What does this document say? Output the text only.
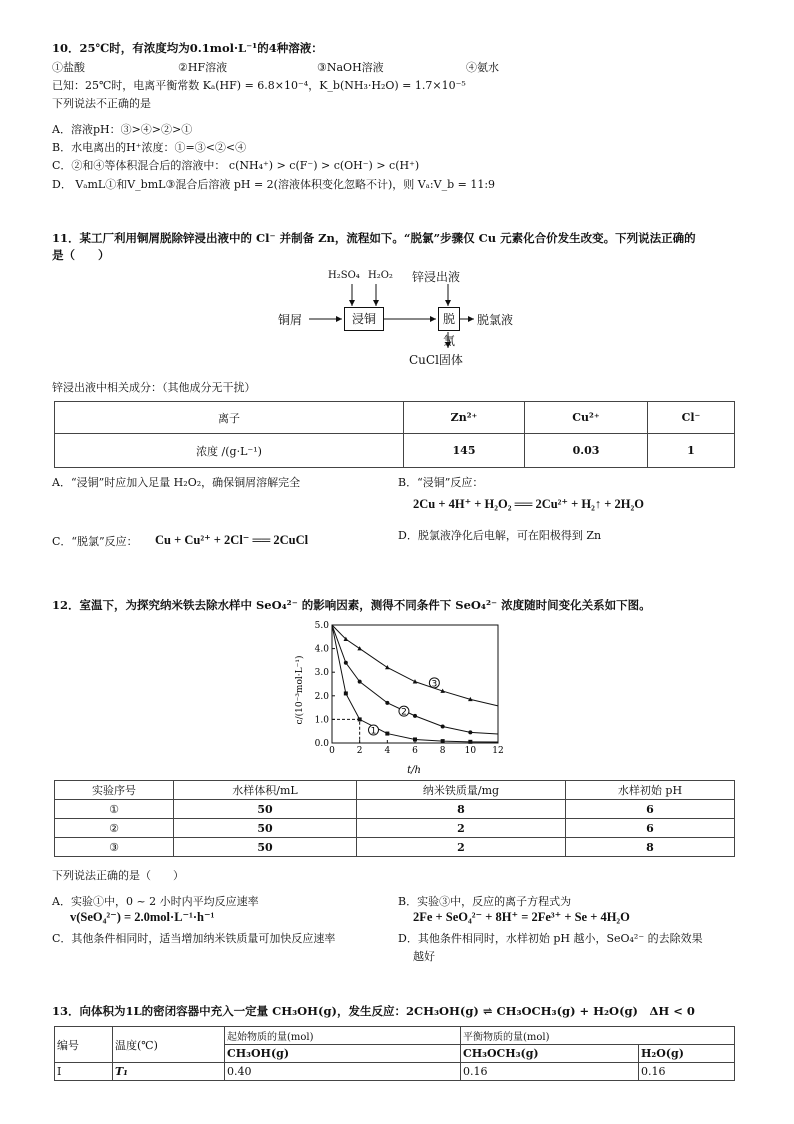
10．25℃时，有浓度均为0.1mol·L⁻¹的4种溶液：
①盐酸	②HF溶液	③NaOH溶液	④氨水
已知：25℃时，电离平衡常数 Kₐ(HF) = 6.8×10⁻⁴，K_b(NH₃·H₂O) = 1.7×10⁻⁵
下列说法不正确的是
A．溶液pH：③>④>②>①
B．水电离出的H⁺浓度：①=③<②<④
C．②和④等体积混合后的溶液中： c(NH₄⁺) > c(F⁻) > c(OH⁻) > c(H⁺)
D． VₐmL①和V_bmL③混合后溶液 pH = 2(溶液体积变化忽略不计)，则 Vₐ:V_b = 11:9
11．某工厂利用铜屑脱除锌浸出液中的 Cl⁻ 并制备 Zn，流程如下。“脱氯”步骤仅 Cu 元素化合价发生改变。下列说法正确的
是（　　）
铜屑	浸铜	脱氯
H₂SO₄ H₂O₂ 锌浸出液
脱氯液
CuCl固体
锌浸出液中相关成分：（其他成分无干扰）
离子	Zn²⁺	Cu²⁺	Cl⁻
浓度 /(g·L⁻¹)	145	0.03	1
A．“浸铜”时应加入足量 H₂O₂，确保铜屑溶解完全	B．“浸铜”反应：
2Cu + 4H⁺ + H₂O₂ ══ 2Cu²⁺ + H₂↑ + 2H₂O
C．“脱氯”反应： Cu + Cu²⁺ + 2Cl⁻ ══ 2CuCl	D．脱氯液净化后电解，可在阳极得到 Zn
12．室温下，为探究纳米铁去除水样中 SeO₄²⁻ 的影响因素，测得不同条件下 SeO₄²⁻ 浓度随时间变化关系如下图。
0 2 4 6 8 10 12
0.0
1.0
2.0
3.0
4.0
5.0
1
2
3
c/(10⁻³mol·L⁻¹)
t/h
实验序号	水样体积/mL	纳米铁质量/mg	水样初始 pH
①	50	8	6
②	50	2	6
③	50	2	8
下列说法正确的是（　　）
A．实验①中，0 ~ 2 小时内平均反应速率
v(SeO₄²⁻) = 2.0mol·L⁻¹·h⁻¹
B．实验③中，反应的离子方程式为
2Fe + SeO₄²⁻ + 8H⁺ = 2Fe³⁺ + Se + 4H₂O
C．其他条件相同时，适当增加纳米铁质量可加快反应速率	D．其他条件相同时，水样初始 pH 越小，SeO₄²⁻ 的去除效果
越好
13．向体积为1L的密闭容器中充入一定量 CH₃OH(g)，发生反应：2CH₃OH(g) ⇌ CH₃OCH₃(g) + H₂O(g)　ΔH < 0
编号	温度(℃)	起始物质的量(mol)	平衡物质的量(mol)	
		CH₃OH(g)	CH₃OCH₃(g)	H₂O(g)
I	T₁	0.40	0.16	0.16
